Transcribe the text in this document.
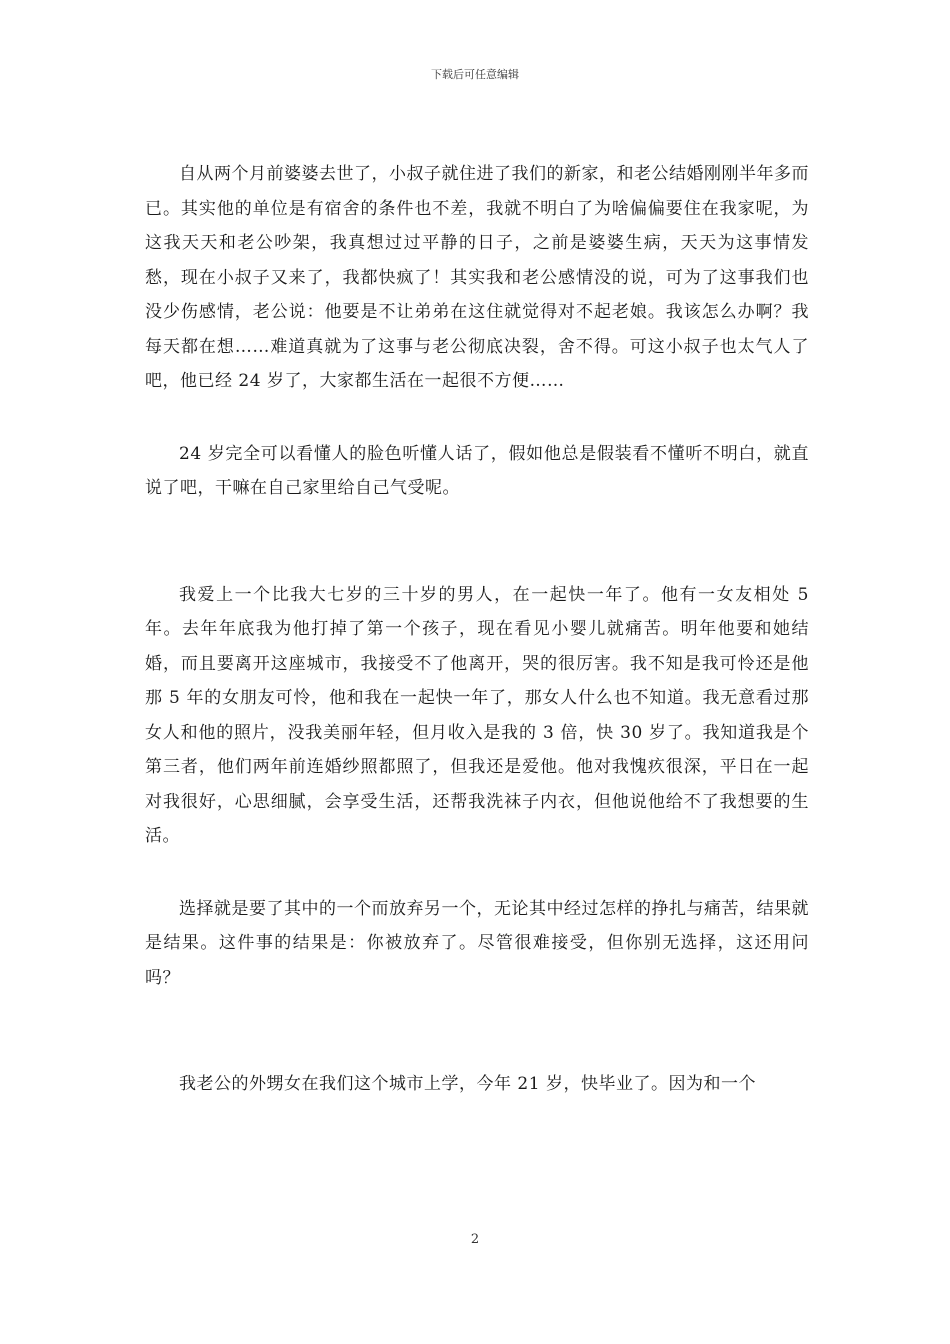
下载后可任意编辑

自从两个月前婆婆去世了，小叔子就住进了我们的新家，和老公结婚刚刚半年多而已。其实他的单位是有宿舍的条件也不差，我就不明白了为啥偏偏要住在我家呢，为这我天天和老公吵架，我真想过过平静的日子，之前是婆婆生病，天天为这事情发愁，现在小叔子又来了，我都快疯了！其实我和老公感情没的说，可为了这事我们也没少伤感情，老公说：他要是不让弟弟在这住就觉得对不起老娘。我该怎么办啊？我每天都在想……难道真就为了这事与老公彻底决裂，舍不得。可这小叔子也太气人了吧，他已经 24 岁了，大家都生活在一起很不方便……

24 岁完全可以看懂人的脸色听懂人话了，假如他总是假装看不懂听不明白，就直说了吧，干嘛在自己家里给自己气受呢。

我爱上一个比我大七岁的三十岁的男人，在一起快一年了。他有一女友相处 5 年。去年年底我为他打掉了第一个孩子，现在看见小婴儿就痛苦。明年他要和她结婚，而且要离开这座城市，我接受不了他离开，哭的很厉害。我不知是我可怜还是他那 5 年的女朋友可怜，他和我在一起快一年了，那女人什么也不知道。我无意看过那女人和他的照片，没我美丽年轻，但月收入是我的 3 倍，快 30 岁了。我知道我是个第三者，他们两年前连婚纱照都照了，但我还是爱他。他对我愧疚很深，平日在一起对我很好，心思细腻，会享受生活，还帮我洗袜子内衣，但他说他给不了我想要的生活。

选择就是要了其中的一个而放弃另一个，无论其中经过怎样的挣扎与痛苦，结果就是结果。这件事的结果是：你被放弃了。尽管很难接受，但你别无选择，这还用问吗？

我老公的外甥女在我们这个城市上学，今年 21 岁，快毕业了。因为和一个

2
